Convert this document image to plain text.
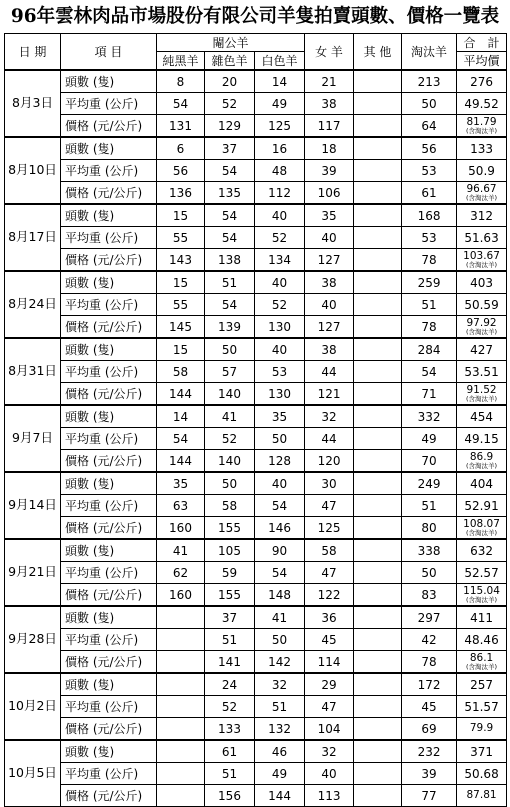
96年雲林肉品市場股份有限公司羊隻拍賣頭數、價格一覽表
日 期	項 目	閹公羊			女 羊	其 他	淘汰羊	合　計
		純黑羊	雜色羊	白色羊				平均價
8月3日	頭數 (隻)	8	20	14	21		213	276
	平均重 (公斤)	54	52	49	38		50	49.52
	價格 (元/公斤)	131	129	125	117		64	81.79
(含淘汰羊)

8月10日	頭數 (隻)	6	37	16	18		56	133
	平均重 (公斤)	56	54	48	39		53	50.9
	價格 (元/公斤)	136	135	112	106		61	96.67
(含淘汰羊)

8月17日	頭數 (隻)	15	54	40	35		168	312
	平均重 (公斤)	55	54	52	40		53	51.63
	價格 (元/公斤)	143	138	134	127		78	103.67
(含淘汰羊)

8月24日	頭數 (隻)	15	51	40	38		259	403
	平均重 (公斤)	55	54	52	40		51	50.59
	價格 (元/公斤)	145	139	130	127		78	97.92
(含淘汰羊)

8月31日	頭數 (隻)	15	50	40	38		284	427
	平均重 (公斤)	58	57	53	44		54	53.51
	價格 (元/公斤)	144	140	130	121		71	91.52
(含淘汰羊)

9月7日	頭數 (隻)	14	41	35	32		332	454
	平均重 (公斤)	54	52	50	44		49	49.15
	價格 (元/公斤)	144	140	128	120		70	86.9
(含淘汰羊)

9月14日	頭數 (隻)	35	50	40	30		249	404
	平均重 (公斤)	63	58	54	47		51	52.91
	價格 (元/公斤)	160	155	146	125		80	108.07
(含淘汰羊)

9月21日	頭數 (隻)	41	105	90	58		338	632
	平均重 (公斤)	62	59	54	47		50	52.57
	價格 (元/公斤)	160	155	148	122		83	115.04
(含淘汰羊)

9月28日	頭數 (隻)		37	41	36		297	411
	平均重 (公斤)		51	50	45		42	48.46
	價格 (元/公斤)		141	142	114		78	86.1
(含淘汰羊)

10月2日	頭數 (隻)		24	32	29		172	257
	平均重 (公斤)		52	51	47		45	51.57
	價格 (元/公斤)		133	132	104		69	79.9

10月5日	頭數 (隻)		61	46	32		232	371
	平均重 (公斤)		51	49	40		39	50.68
	價格 (元/公斤)		156	144	113		77	87.81
